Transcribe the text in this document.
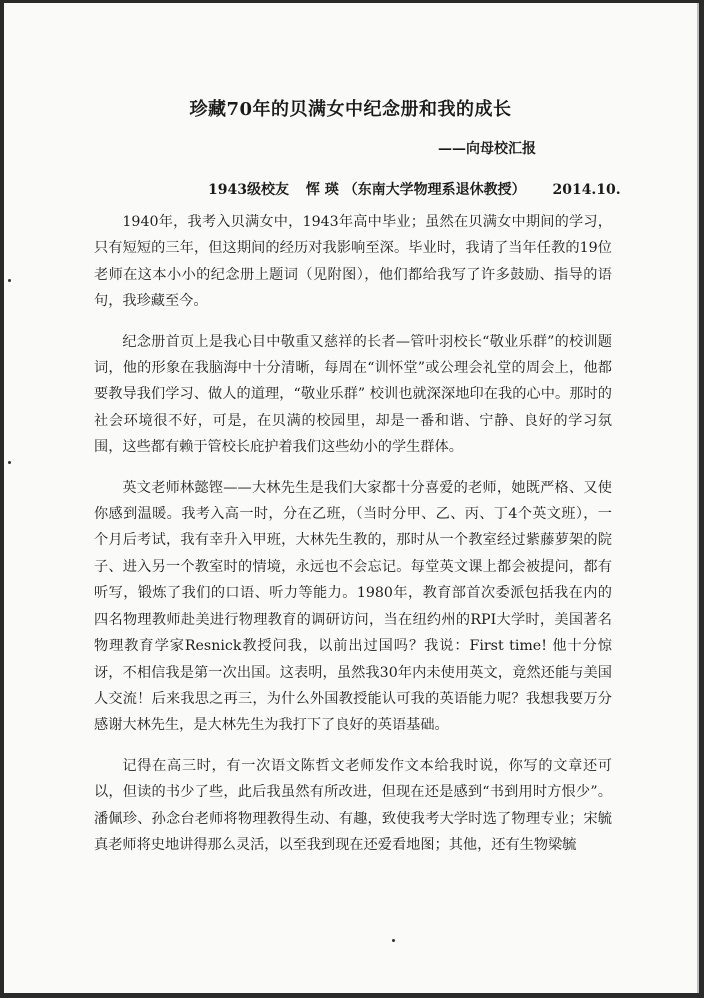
珍藏70年的贝满女中纪念册和我的成长
——向母校汇报
1943级校友 恽 瑛 （东南大学物理系退休教授） 2014.10.

1940年，我考入贝满女中，1943年高中毕业；虽然在贝满女中期间的学习，只有短短的三年，但这期间的经历对我影响至深。毕业时，我请了当年任教的19位老师在这本小小的纪念册上题词（见附图），他们都给我写了许多鼓励、指导的语句，我珍藏至今。

纪念册首页上是我心目中敬重又慈祥的长者—管叶羽校长“敬业乐群”的校训题词，他的形象在我脑海中十分清晰，每周在“训怀堂”或公理会礼堂的周会上，他都要教导我们学习、做人的道理，“敬业乐群” 校训也就深深地印在我的心中。那时的社会环境很不好，可是，在贝满的校园里，却是一番和谐、宁静、良好的学习氛围，这些都有赖于管校长庇护着我们这些幼小的学生群体。

英文老师林懿铿——大林先生是我们大家都十分喜爱的老师，她既严格、又使你感到温暖。我考入高一时，分在乙班，（当时分甲、乙、丙、丁4个英文班），一个月后考试，我有幸升入甲班，大林先生教的，那时从一个教室经过紫藤萝架的院子、进入另一个教室时的情境，永远也不会忘记。每堂英文课上都会被提问，都有听写，锻炼了我们的口语、听力等能力。1980年，教育部首次委派包括我在内的四名物理教师赴美进行物理教育的调研访问，当在纽约州的RPI大学时，美国著名物理教育学家Resnick教授问我，以前出过国吗？我说：First time! 他十分惊讶，不相信我是第一次出国。这表明，虽然我30年内未使用英文，竟然还能与美国人交流！后来我思之再三，为什么外国教授能认可我的英语能力呢？我想我要万分感谢大林先生，是大林先生为我打下了良好的英语基础。

记得在高三时，有一次语文陈哲文老师发作文本给我时说，你写的文章还可以，但读的书少了些，此后我虽然有所改进，但现在还是感到“书到用时方恨少”。潘佩珍、孙念台老师将物理教得生动、有趣，致使我考大学时选了物理专业；宋毓真老师将史地讲得那么灵活，以至我到现在还爱看地图；其他，还有生物梁毓
